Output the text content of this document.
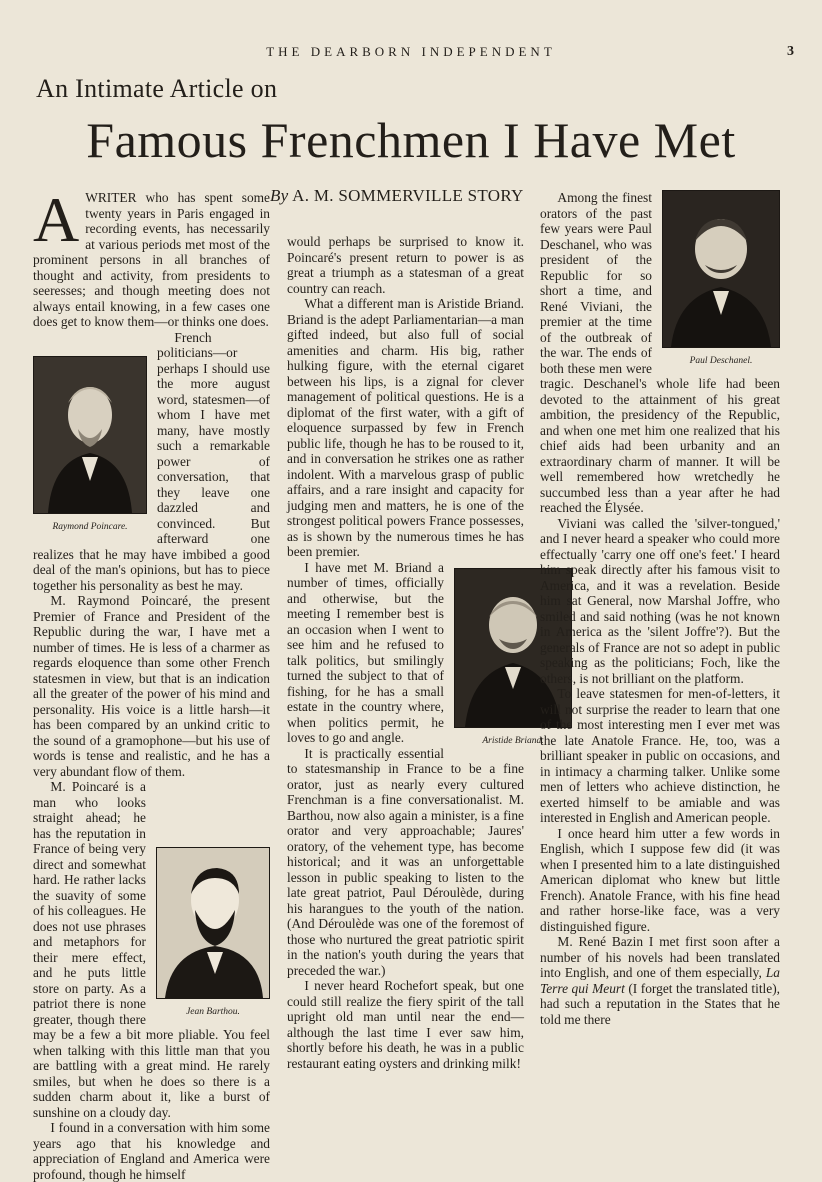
THE DEARBORN INDEPENDENT	3
An Intimate Article on
Famous Frenchmen I Have Met
By A. M. SOMMERVILLE STORY

AWRITER who has spent some twenty years in Paris engaged in recording events, has necessarily at various periods met most of the prominent persons in all branches of thought and activity, from presidents to seeresses; and though meeting does not always entail knowing, in a few cases one does get to know them—or thinks one does.

Raymond Poincare.

French politicians—or perhaps I should use the more august word, statesmen—of whom I have met many, have mostly such a remarkable power of conversation, that they leave one dazzled and convinced. But afterward one realizes that he may have imbibed a good deal of the man's opinions, but has to piece together his personality as best he may.

M. Raymond Poincaré, the present Premier of France and President of the Republic during the war, I have met a number of times. He is less of a charmer as regards eloquence than some other French statesmen in view, but that is an indication all the greater of the power of his mind and personality. His voice is a little harsh—it has been compared by an unkind critic to the sound of a gramophone—but his use of words is tense and realistic, and he has a very abundant flow of them.

Jean Barthou.

M. Poincaré is a man who looks straight ahead; he has the reputation in France of being very direct and somewhat hard. He rather lacks the suavity of some of his colleagues. He does not use phrases and metaphors for their mere effect, and he puts little store on party. As a patriot there is none greater, though there may be a few a bit more pliable. You feel when talking with this little man that you are battling with a great mind. He rarely smiles, but when he does so there is a sudden charm about it, like a burst of sunshine on a cloudy day.

I found in a conversation with him some years ago that his knowledge and appreciation of England and America were profound, though he himself

would perhaps be surprised to know it. Poincaré's present return to power is as great a triumph as a statesman of a great country can reach.

What a different man is Aristide Briand. Briand is the adept Parliamentarian—a man gifted indeed, but also full of social amenities and charm. His big, rather hulking figure, with the eternal cigaret between his lips, is a zignal for clever management of political questions. He is a diplomat of the first water, with a gift of eloquence surpassed by few in French public life, though he has to be roused to it, and in conversation he strikes one as rather indolent. With a marvelous grasp of public affairs, and a rare insight and capacity for judging men and matters, he is one of the strongest political powers France possesses, as is shown by the numerous times he has been premier.

Aristide Briand.

I have met M. Briand a number of times, officially and otherwise, but the meeting I remember best is an occasion when I went to see him and he refused to talk politics, but smilingly turned the subject to that of fishing, for he has a small estate in the country where, when politics permit, he loves to go and angle.

It is practically essential to statesmanship in France to be a fine orator, just as nearly every cultured Frenchman is a fine conversationalist. M. Barthou, now also again a minister, is a fine orator and very approachable; Jaures' oratory, of the vehement type, has become historical; and it was an unforgettable lesson in public speaking to listen to the late great patriot, Paul Déroulède, during his harangues to the youth of the nation. (And Déroulède was one of the foremost of those who nurtured the great patriotic spirit in the nation's youth during the years that preceded the war.)

I never heard Rochefort speak, but one could still realize the fiery spirit of the tall upright old man until near the end—although the last time I ever saw him, shortly before his death, he was in a public restaurant eating oysters and drinking milk!

Paul Deschanel.

Among the finest orators of the past few years were Paul Deschanel, who was president of the Republic for so short a time, and René Viviani, the premier at the time of the outbreak of the war. The ends of both these men were tragic. Deschanel's whole life had been devoted to the attainment of his great ambition, the presidency of the Republic, and when one met him one realized that his chief aids had been urbanity and an extraordinary charm of manner. It will be well remembered how wretchedly he succumbed less than a year after he had reached the Élysée.

Viviani was called the 'silver-tongued,' and I never heard a speaker who could more effectually 'carry one off one's feet.' I heard him speak directly after his famous visit to America, and it was a revelation. Beside him sat General, now Marshal Joffre, who smiled and said nothing (was he not known in America as the 'silent Joffre'?). But the generals of France are not so adept in public speaking as the politicians; Foch, like the others, is not brilliant on the platform.

To leave statesmen for men-of-letters, it will not surprise the reader to learn that one of the most interesting men I ever met was the late Anatole France. He, too, was a brilliant speaker in public on occasions, and in intimacy a charming talker. Unlike some men of letters who achieve distinction, he exerted himself to be amiable and was interested in English and American people.

I once heard him utter a few words in English, which I suppose few did (it was when I presented him to a late distinguished American diplomat who knew but little French). Anatole France, with his fine head and rather horse-like face, was a very distinguished figure.

M. René Bazin I met first soon after a number of his novels had been translated into English, and one of them especially, La Terre qui Meurt (I forget the translated title), had such a reputation in the States that he told me there
